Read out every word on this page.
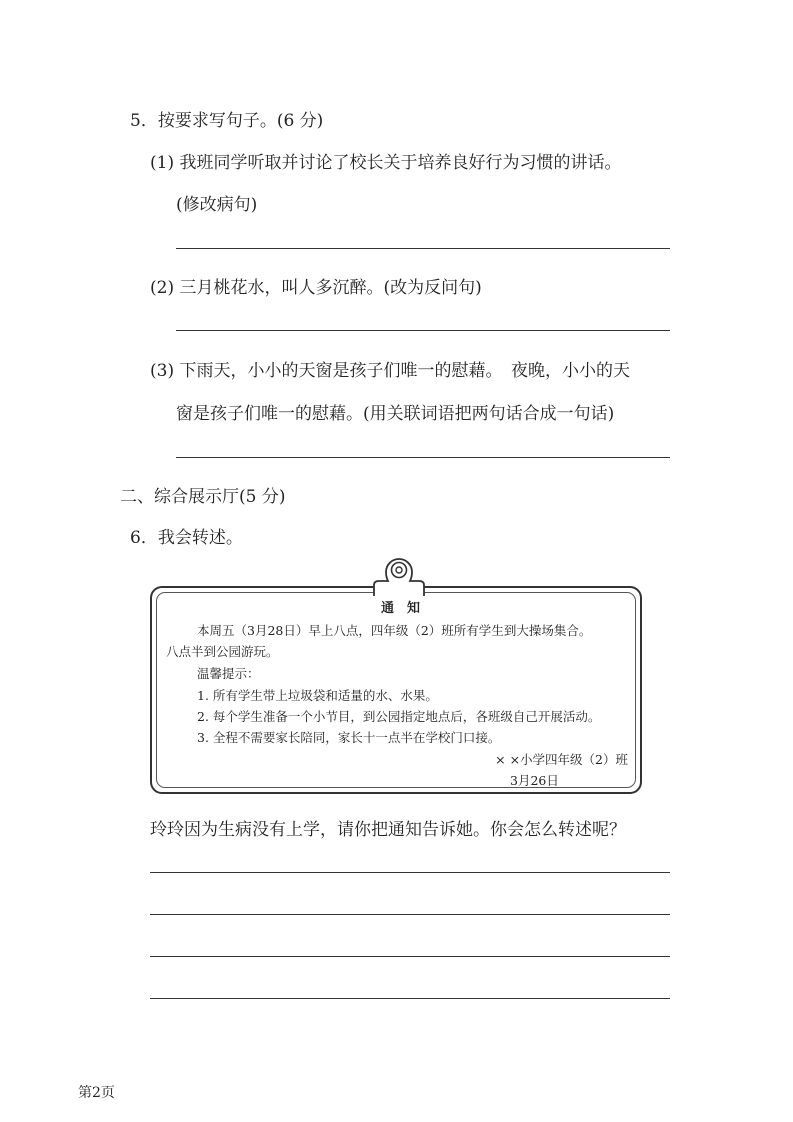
5．按要求写句子。(6 分)
(1) 我班同学听取并讨论了校长关于培养良好行为习惯的讲话。
(修改病句)
(2) 三月桃花水，叫人多沉醉。(改为反问句)
(3) 下雨天，小小的天窗是孩子们唯一的慰藉。　夜晚，小小的天
窗是孩子们唯一的慰藉。(用关联词语把两句话合成一句话)
二、综合展示厅(5 分)
6．我会转述。
通　知
本周五（3月28日）早上八点，四年级（2）班所有学生到大操场集合。
八点半到公园游玩。
温馨提示：
1. 所有学生带上垃圾袋和适量的水、水果。
2. 每个学生准备一个小节目，到公园指定地点后，各班级自己开展活动。
3. 全程不需要家长陪同，家长十一点半在学校门口接。
× ×小学四年级（2）班
3月26日
玲玲因为生病没有上学，请你把通知告诉她。你会怎么转述呢？
第2页
